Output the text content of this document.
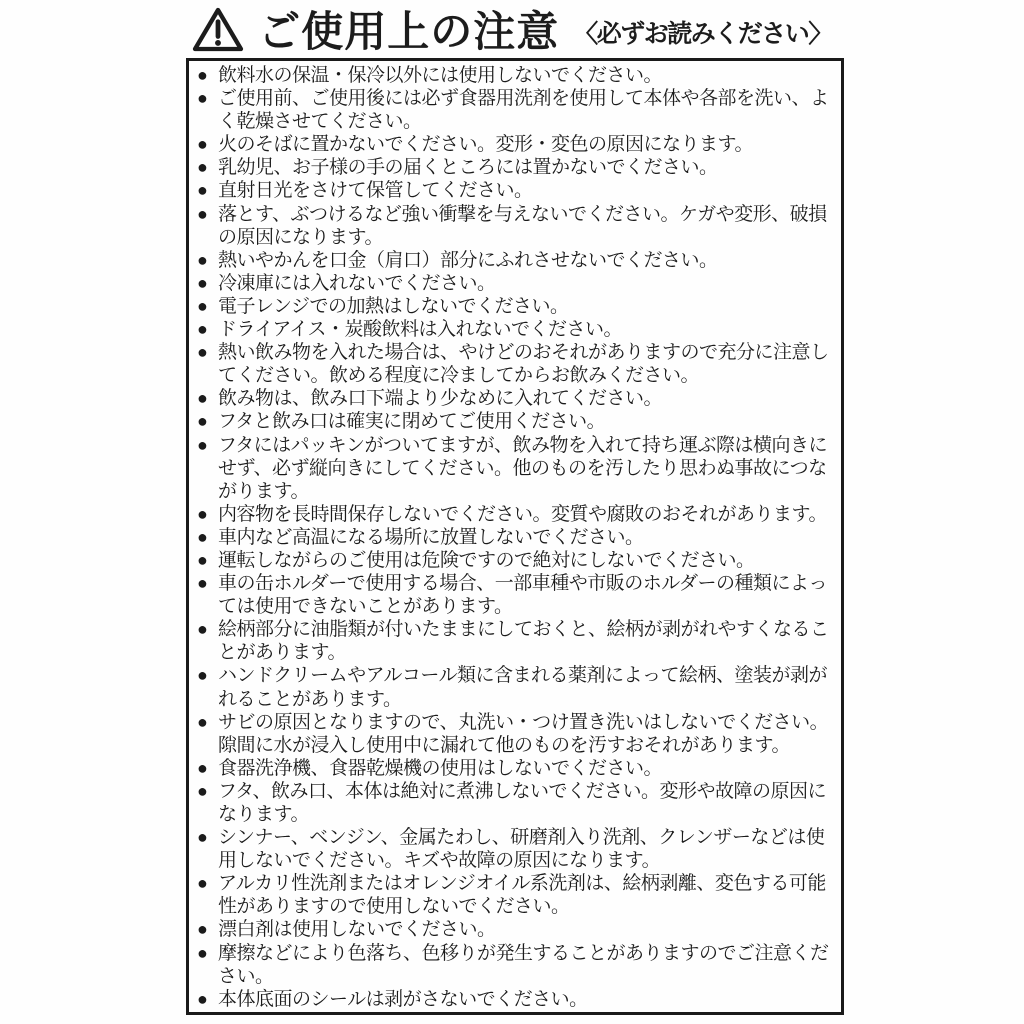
ご使用上の注意 〈必ずお読みください〉
● 飲料水の保温・保冷以外には使用しないでください。
● ご使用前、ご使用後には必ず食器用洗剤を使用して本体や各部を洗い、よく乾燥させてください。
● 火のそばに置かないでください。変形・変色の原因になります。
● 乳幼児、お子様の手の届くところには置かないでください。
● 直射日光をさけて保管してください。
● 落とす、ぶつけるなど強い衝撃を与えないでください。ケガや変形、破損の原因になります。
● 熱いやかんを口金（肩口）部分にふれさせないでください。
● 冷凍庫には入れないでください。
● 電子レンジでの加熱はしないでください。
● ドライアイス・炭酸飲料は入れないでください。
● 熱い飲み物を入れた場合は、やけどのおそれがありますので充分に注意してください。飲める程度に冷ましてからお飲みください。
● 飲み物は、飲み口下端より少なめに入れてください。
● フタと飲み口は確実に閉めてご使用ください。
● フタにはパッキンがついてますが、飲み物を入れて持ち運ぶ際は横向きにせず、必ず縦向きにしてください。他のものを汚したり思わぬ事故につながります。
● 内容物を長時間保存しないでください。変質や腐敗のおそれがあります。
● 車内など高温になる場所に放置しないでください。
● 運転しながらのご使用は危険ですので絶対にしないでください。
● 車の缶ホルダーで使用する場合、一部車種や市販のホルダーの種類によっては使用できないことがあります。
● 絵柄部分に油脂類が付いたままにしておくと、絵柄が剥がれやすくなることがあります。
● ハンドクリームやアルコール類に含まれる薬剤によって絵柄、塗装が剥がれることがあります。
● サビの原因となりますので、丸洗い・つけ置き洗いはしないでください。隙間に水が浸入し使用中に漏れて他のものを汚すおそれがあります。
● 食器洗浄機、食器乾燥機の使用はしないでください。
● フタ、飲み口、本体は絶対に煮沸しないでください。変形や故障の原因になります。
● シンナー、ベンジン、金属たわし、研磨剤入り洗剤、クレンザーなどは使用しないでください。キズや故障の原因になります。
● アルカリ性洗剤またはオレンジオイル系洗剤は、絵柄剥離、変色する可能性がありますので使用しないでください。
● 漂白剤は使用しないでください。
● 摩擦などにより色落ち、色移りが発生することがありますのでご注意ください。
● 本体底面のシールは剥がさないでください。
